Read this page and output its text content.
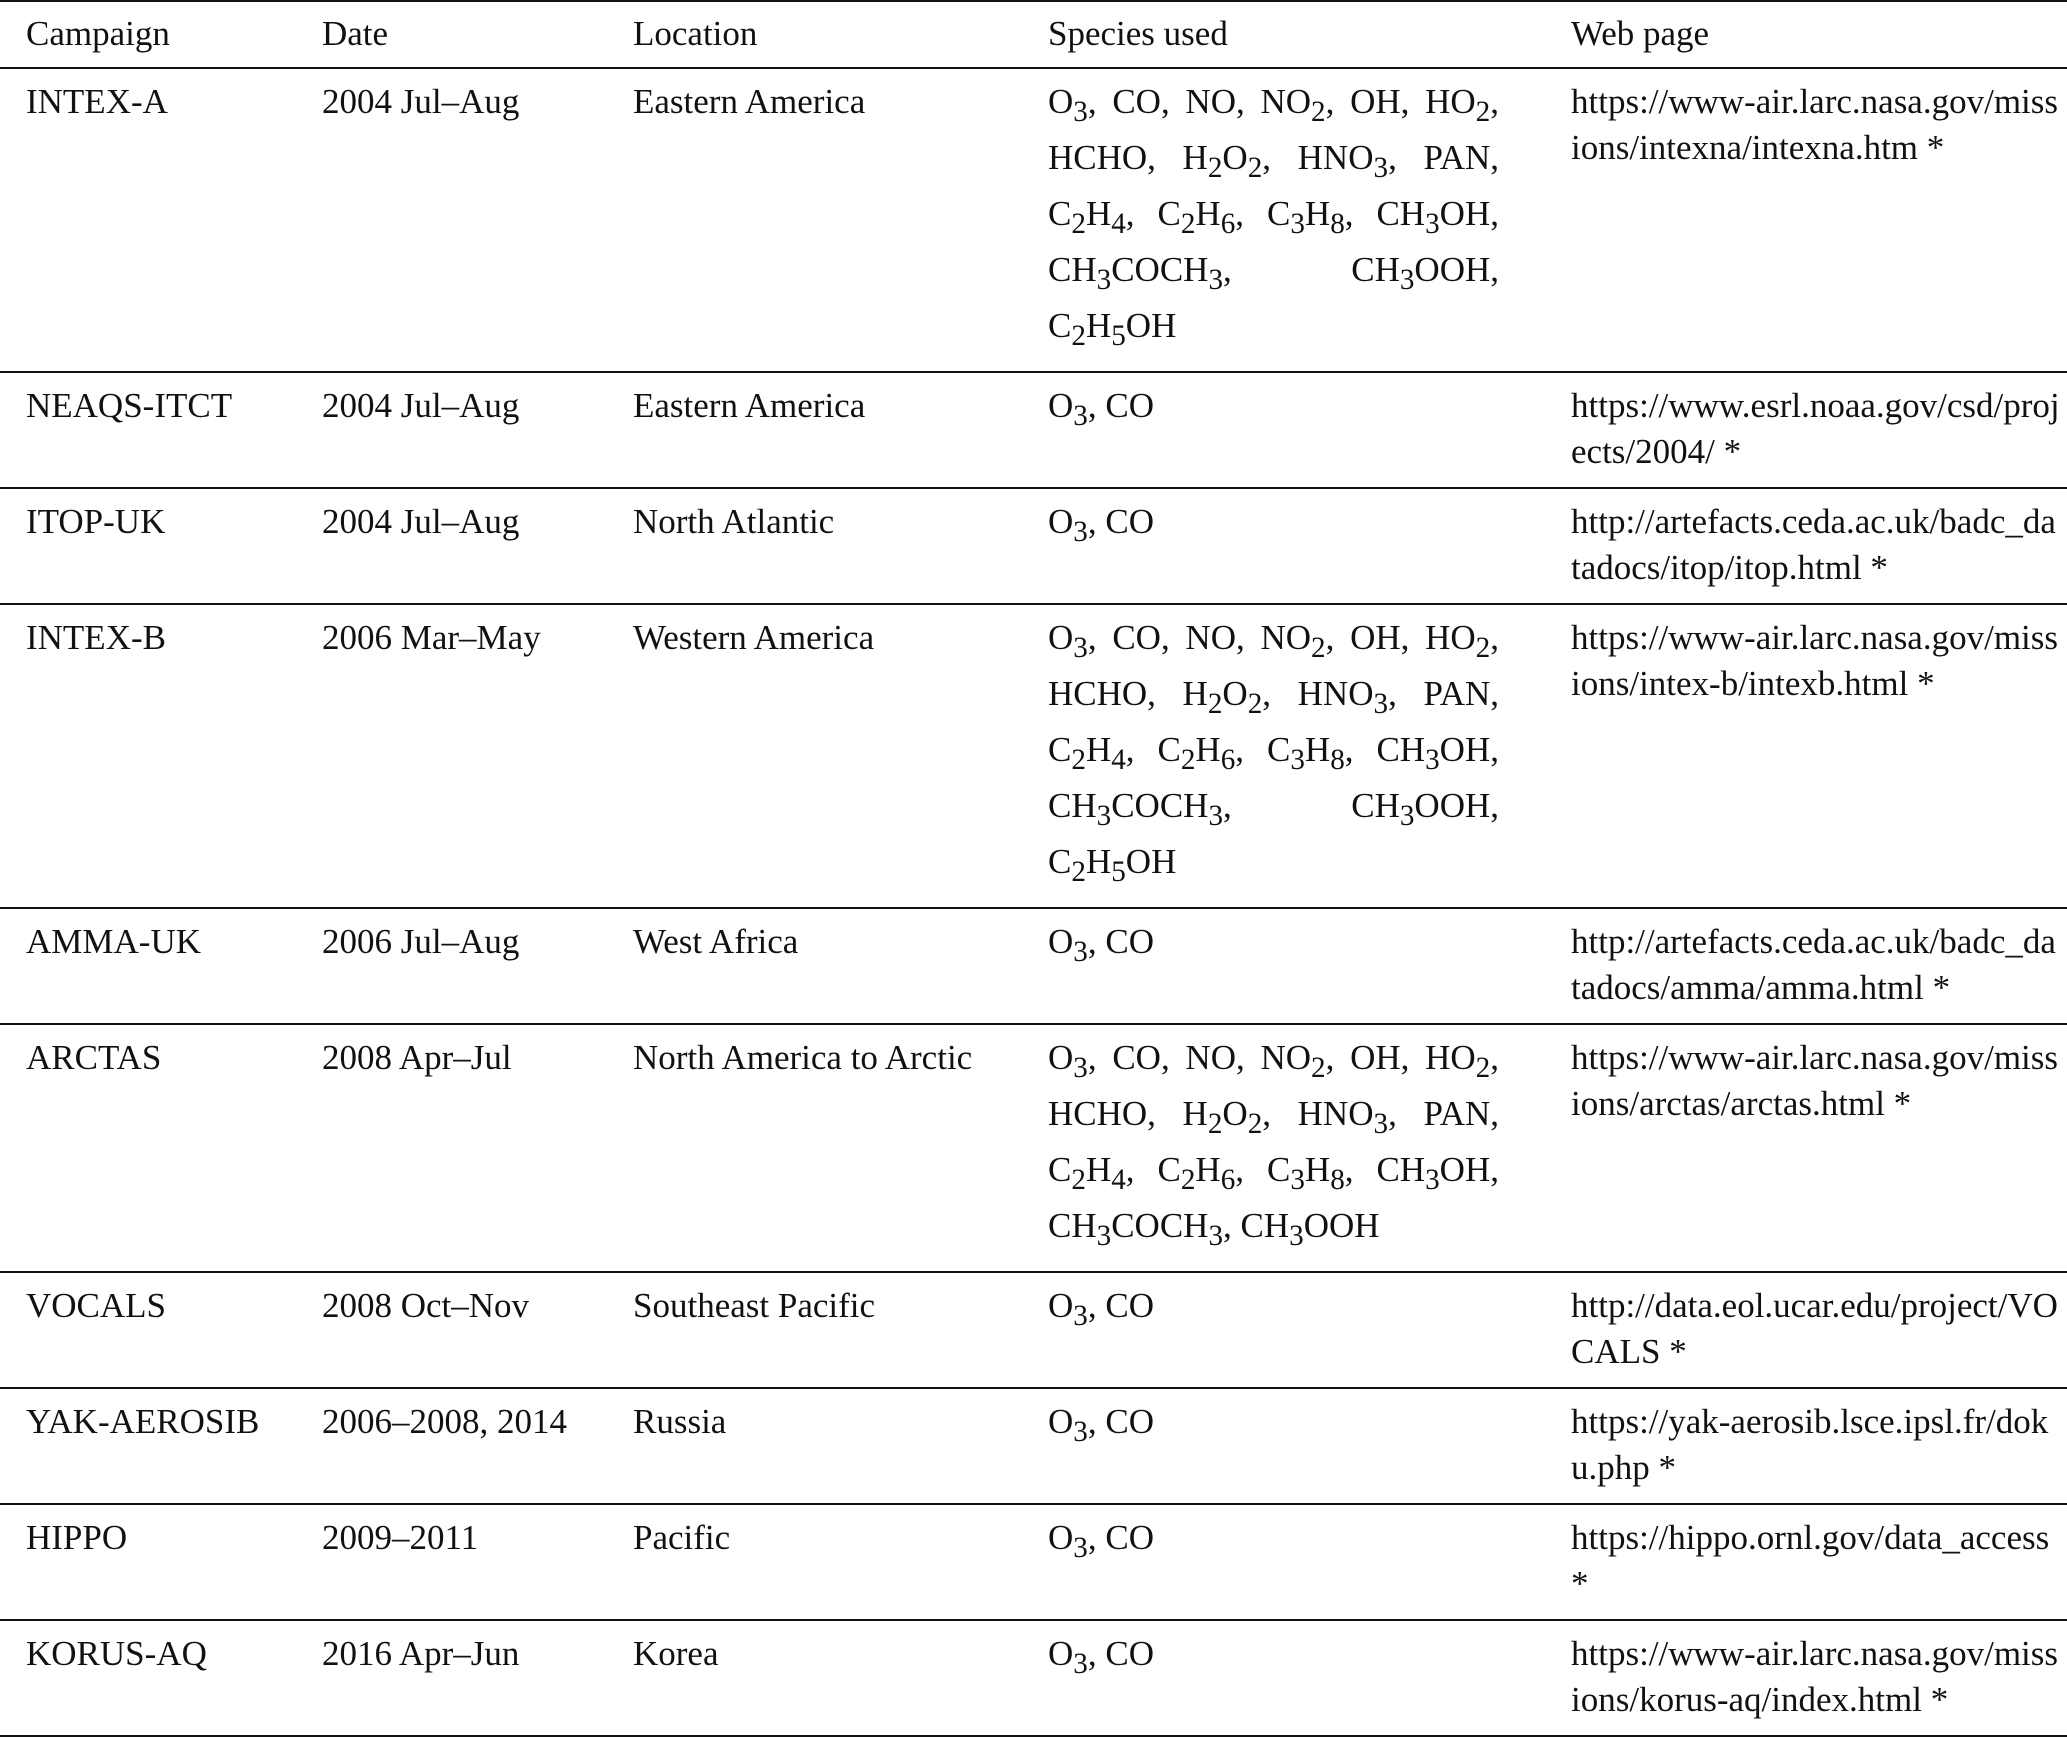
Campaign	Date	Location	Species used	Web page
INTEX-A	2004 Jul–Aug	Eastern America	$O_3$, CO, NO, $NO_2$, OH, $HO_2$, HCHO, $H_2O_2$, $HNO_3$, PAN, $C_2H_4$, $C_2H_6$, $C_3H_8$, $CH_3OH$, $CH_3COCH_3$, $CH_3OOH$, $C_2H_5OH$	https://www-air.larc.nasa.gov/missions/intexna/intexna.htm *
NEAQS-ITCT	2004 Jul–Aug	Eastern America	$O_3$, CO	https://www.esrl.noaa.gov/csd/projects/2004/ *
ITOP-UK	2004 Jul–Aug	North Atlantic	$O_3$, CO	http://artefacts.ceda.ac.uk/badc_datadocs/itop/itop.html *
INTEX-B	2006 Mar–May	Western America	$O_3$, CO, NO, $NO_2$, OH, $HO_2$, HCHO, $H_2O_2$, $HNO_3$, PAN, $C_2H_4$, $C_2H_6$, $C_3H_8$, $CH_3OH$, $CH_3COCH_3$, $CH_3OOH$, $C_2H_5OH$	https://www-air.larc.nasa.gov/missions/intex-b/intexb.html *
AMMA-UK	2006 Jul–Aug	West Africa	$O_3$, CO	http://artefacts.ceda.ac.uk/badc_datadocs/amma/amma.html *
ARCTAS	2008 Apr–Jul	North America to Arctic	$O_3$, CO, NO, $NO_2$, OH, $HO_2$, HCHO, $H_2O_2$, $HNO_3$, PAN, $C_2H_4$, $C_2H_6$, $C_3H_8$, $CH_3OH$, $CH_3COCH_3$, $CH_3OOH$	https://www-air.larc.nasa.gov/missions/arctas/arctas.html *
VOCALS	2008 Oct–Nov	Southeast Pacific	$O_3$, CO	http://data.eol.ucar.edu/project/VOCALS *
YAK-AEROSIB	2006–2008, 2014	Russia	$O_3$, CO	https://yak-aerosib.lsce.ipsl.fr/doku.php *
HIPPO	2009–2011	Pacific	$O_3$, CO	https://hippo.ornl.gov/data_access *
KORUS-AQ	2016 Apr–Jun	Korea	$O_3$, CO	https://www-air.larc.nasa.gov/missions/korus-aq/index.html *
